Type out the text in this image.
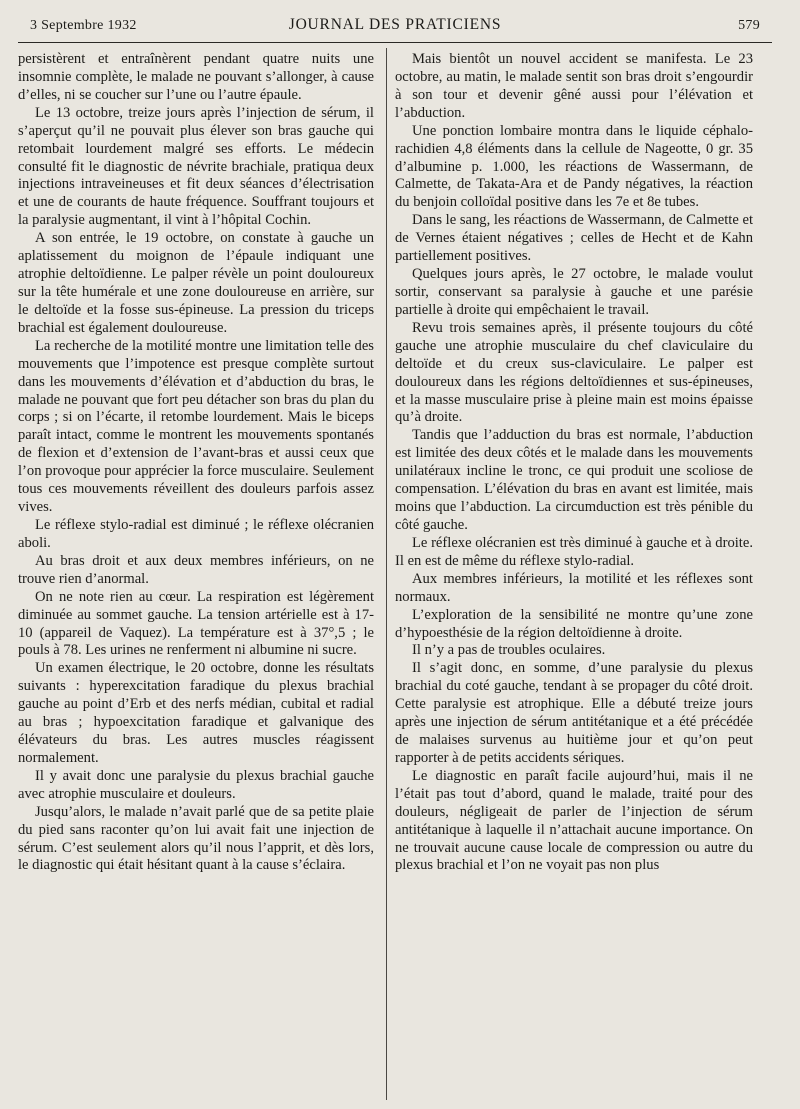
3 Septembre 1932	JOURNAL DES PRATICIENS	579

persistèrent et entraînèrent pendant quatre nuits une insomnie complète, le malade ne pouvant s’allonger, à cause d’elles, ni se coucher sur l’une ou l’autre épaule.

Le 13 octobre, treize jours après l’injection de sérum, il s’aperçut qu’il ne pouvait plus élever son bras gauche qui retombait lourdement malgré ses efforts. Le médecin consulté fit le diagnostic de névrite brachiale, pratiqua deux injections intraveineuses et fit deux séances d’électrisation et une de courants de haute fréquence. Souffrant toujours et la paralysie augmentant, il vint à l’hôpital Cochin.

A son entrée, le 19 octobre, on constate à gauche un aplatissement du moignon de l’épaule indiquant une atrophie deltoïdienne. Le palper révèle un point douloureux sur la tête humérale et une zone douloureuse en arrière, sur le deltoïde et la fosse sus-épineuse. La pression du triceps brachial est également douloureuse.

La recherche de la motilité montre une limitation telle des mouvements que l’impotence est presque complète surtout dans les mouvements d’élévation et d’abduction du bras, le malade ne pouvant que fort peu détacher son bras du plan du corps ; si on l’écarte, il retombe lourdement. Mais le biceps paraît intact, comme le montrent les mouvements spontanés de flexion et d’extension de l’avant-bras et aussi ceux que l’on provoque pour apprécier la force musculaire. Seulement tous ces mouvements réveillent des douleurs parfois assez vives.

Le réflexe stylo-radial est diminué ; le réflexe olécranien aboli.

Au bras droit et aux deux membres inférieurs, on ne trouve rien d’anormal.

On ne note rien au cœur. La respiration est légèrement diminuée au sommet gauche. La tension artérielle est à 17-10 (appareil de Vaquez). La température est à 37°,5 ; le pouls à 78. Les urines ne renferment ni albumine ni sucre.

Un examen électrique, le 20 octobre, donne les résultats suivants : hyperexcitation faradique du plexus brachial gauche au point d’Erb et des nerfs médian, cubital et radial au bras ; hypoexcitation faradique et galvanique des élévateurs du bras. Les autres muscles réagissent normalement.

Il y avait donc une paralysie du plexus brachial gauche avec atrophie musculaire et douleurs.

Jusqu’alors, le malade n’avait parlé que de sa petite plaie du pied sans raconter qu’on lui avait fait une injection de sérum. C’est seulement alors qu’il nous l’apprit, et dès lors, le diagnostic qui était hésitant quant à la cause s’éclaira.

Mais bientôt un nouvel accident se manifesta. Le 23 octobre, au matin, le malade sentit son bras droit s’engourdir à son tour et devenir gêné aussi pour l’élévation et l’abduction.

Une ponction lombaire montra dans le liquide céphalo-rachidien 4,8 éléments dans la cellule de Nageotte, 0 gr. 35 d’albumine p. 1.000, les réactions de Wassermann, de Calmette, de Takata-Ara et de Pandy négatives, la réaction du benjoin colloïdal positive dans les 7e et 8e tubes.

Dans le sang, les réactions de Wassermann, de Calmette et de Vernes étaient négatives ; celles de Hecht et de Kahn partiellement positives.

Quelques jours après, le 27 octobre, le malade voulut sortir, conservant sa paralysie à gauche et une parésie partielle à droite qui empêchaient le travail.

Revu trois semaines après, il présente toujours du côté gauche une atrophie musculaire du chef claviculaire du deltoïde et du creux sus-claviculaire. Le palper est douloureux dans les régions deltoïdiennes et sus-épineuses, et la masse musculaire prise à pleine main est moins épaisse qu’à droite.

Tandis que l’adduction du bras est normale, l’abduction est limitée des deux côtés et le malade dans les mouvements unilatéraux incline le tronc, ce qui produit une scoliose de compensation. L’élévation du bras en avant est limitée, mais moins que l’abduction. La circumduction est très pénible du côté gauche.

Le réflexe olécranien est très diminué à gauche et à droite. Il en est de même du réflexe stylo-radial.

Aux membres inférieurs, la motilité et les réflexes sont normaux.

L’exploration de la sensibilité ne montre qu’une zone d’hypoesthésie de la région deltoïdienne à droite.

Il n’y a pas de troubles oculaires.

Il s’agit donc, en somme, d’une paralysie du plexus brachial du coté gauche, tendant à se propager du côté droit. Cette paralysie est atrophique. Elle a débuté treize jours après une injection de sérum antitétanique et a été précédée de malaises survenus au huitième jour et qu’on peut rapporter à de petits accidents sériques.

Le diagnostic en paraît facile aujourd’hui, mais il ne l’était pas tout d’abord, quand le malade, traité pour des douleurs, négligeait de parler de l’injection de sérum antitétanique à laquelle il n’attachait aucune importance. On ne trouvait aucune cause locale de compression ou autre du plexus brachial et l’on ne voyait pas non plus
